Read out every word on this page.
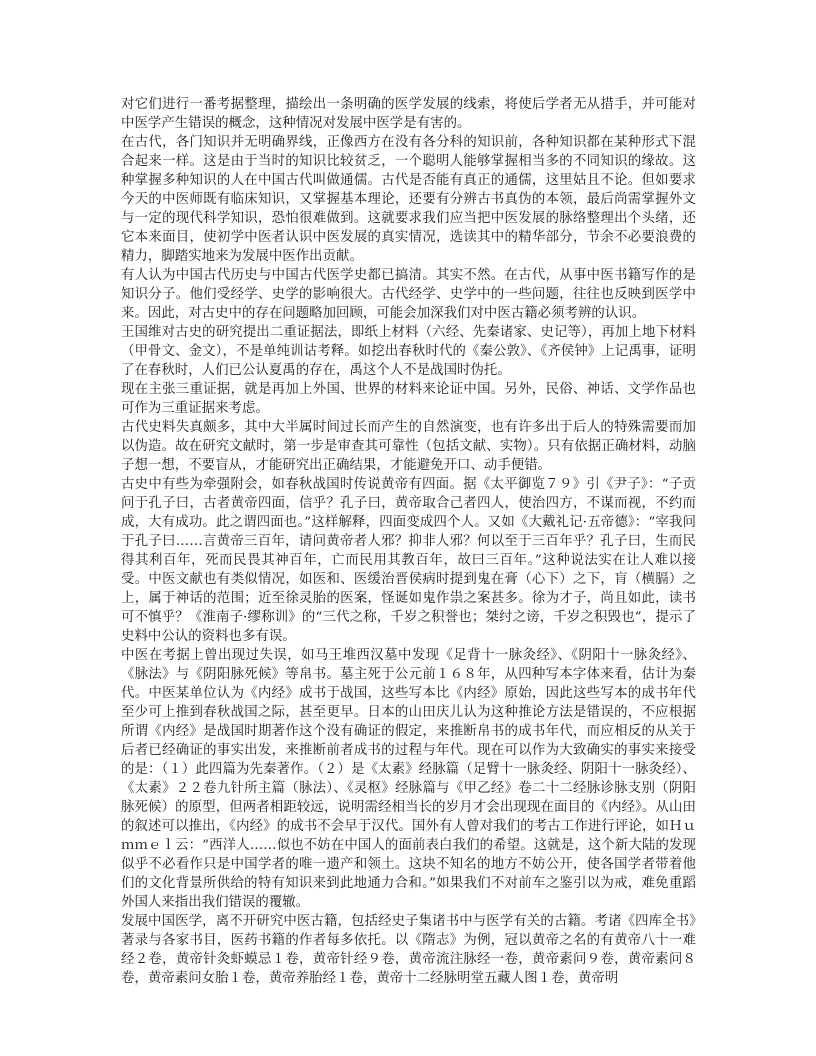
对它们进行一番考据整理，描绘出一条明确的医学发展的线索，将使后学者无从措手，并可能对中医学产生错误的概念，这种情况对发展中医学是有害的。

在古代，各门知识并无明确界线，正像西方在没有各分科的知识前，各种知识都在某种形式下混合起来一样。这是由于当时的知识比较贫乏，一个聪明人能够掌握相当多的不同知识的缘故。这种掌握多种知识的人在中国古代叫做通儒。古代是否能有真正的通儒，这里姑且不论。但如要求今天的中医师既有临床知识，又掌握基本理论，还要有分辨古书真伪的本领，最后尚需掌握外文与一定的现代科学知识，恐怕很难做到。这就要求我们应当把中医发展的脉络整理出个头绪，还它本来面目，使初学中医者认识中医发展的真实情况，选读其中的精华部分，节余不必要浪费的精力，脚踏实地来为发展中医作出贡献。

有人认为中国古代历史与中国古代医学史都已搞清。其实不然。在古代，从事中医书籍写作的是知识分子。他们受经学、史学的影响很大。古代经学、史学中的一些问题，往往也反映到医学中来。因此，对古史中的存在问题略加回顾，可能会加深我们对中医古籍必须考辨的认识。

王国维对古史的研究提出二重证据法，即纸上材料（六经、先秦诸家、史记等），再加上地下材料（甲骨文、金文），不是单纯训诂考释。如挖出春秋时代的《秦公敦》、《齐侯钟》上记禹事，证明了在春秋时，人们已公认夏禹的存在，禹这个人不是战国时伪托。

现在主张三重证据，就是再加上外国、世界的材料来论证中国。另外，民俗、神话、文学作品也可作为三重证据来考虑。

古代史料失真颇多，其中大半属时间过长而产生的自然演变，也有许多出于后人的特殊需要而加以伪造。故在研究文献时，第一步是审查其可靠性（包括文献、实物）。只有依据正确材料，动脑子想一想，不要盲从，才能研究出正确结果，才能避免开口、动手便错。

古史中有些为牵强附会，如春秋战国时传说黄帝有四面。据《太平御览７９》引《尹子》：“子贡问于孔子曰，古者黄帝四面，信乎？孔子曰，黄帝取合己者四人，使治四方，不谋而视，不约而成，大有成功。此之谓四面也。”这样解释，四面变成四个人。又如《大戴礼记·五帝德》：“宰我问于孔子曰……言黄帝三百年，请问黄帝者人邪？抑非人邪？何以至于三百年乎？孔子曰，生而民得其利百年，死而民畏其神百年，亡而民用其教百年，故曰三百年。”这种说法实在让人难以接受。中医文献也有类似情况，如医和、医缓治晋侯病时提到鬼在膏（心下）之下，肓（横膈）之上，属于神话的范围；近至徐灵胎的医案，怪诞如鬼作祟之案甚多。徐为才子，尚且如此，读书可不慎乎？《淮南子·缪称训》的“三代之称，千岁之积誉也；桀纣之谤，千岁之积毁也”，提示了史料中公认的资料也多有误。

中医在考据上曾出现过失误，如马王堆西汉墓中发现《足背十一脉灸经》、《阴阳十一脉灸经》、《脉法》与《阴阳脉死候》等帛书。墓主死于公元前１６８年，从四种写本字体来看，估计为秦代。中医某单位认为《内经》成书于战国，这些写本比《内经》原始，因此这些写本的成书年代至少可上推到春秋战国之际，甚至更早。日本的山田庆儿认为这种推论方法是错误的，不应根据所谓《内经》是战国时期著作这个没有确证的假定，来推断帛书的成书年代，而应相反的从关于后者已经确证的事实出发，来推断前者成书的过程与年代。现在可以作为大致确实的事实来接受的是：（１）此四篇为先秦著作。（２）是《太素》经脉篇（足臂十一脉灸经、阴阳十一脉灸经）、《太素》２２卷九针所主篇（脉法）、《灵枢》经脉篇与《甲乙经》卷二十二经脉诊脉支别（阴阳脉死候）的原型，但两者相距较远，说明需经相当长的岁月才会出现现在面目的《内经》。从山田的叙述可以推出，《内经》的成书不会早于汉代。国外有人曾对我们的考古工作进行评论，如Ｈｕｍｍｅｌ云：“西洋人……似也不妨在中国人的面前表白我们的希望。这就是，这个新大陆的发现似乎不必看作只是中国学者的唯一遗产和领土。这块不知名的地方不妨公开，使各国学者带着他们的文化背景所供给的特有知识来到此地通力合和。”如果我们不对前车之鉴引以为戒，难免重蹈外国人来指出我们错误的覆辙。

发展中国医学，离不开研究中医古籍，包括经史子集诸书中与医学有关的古籍。考诸《四库全书》著录与各家书目，医药书籍的作者每多依托。以《隋志》为例，冠以黄帝之名的有黄帝八十一难经２卷，黄帝针灸虾蟆忌１卷，黄帝针经９卷，黄帝流注脉经一卷，黄帝素问９卷，黄帝素问８卷，黄帝素问女胎１卷，黄帝养胎经１卷，黄帝十二经脉明堂五藏人图１卷，黄帝明
